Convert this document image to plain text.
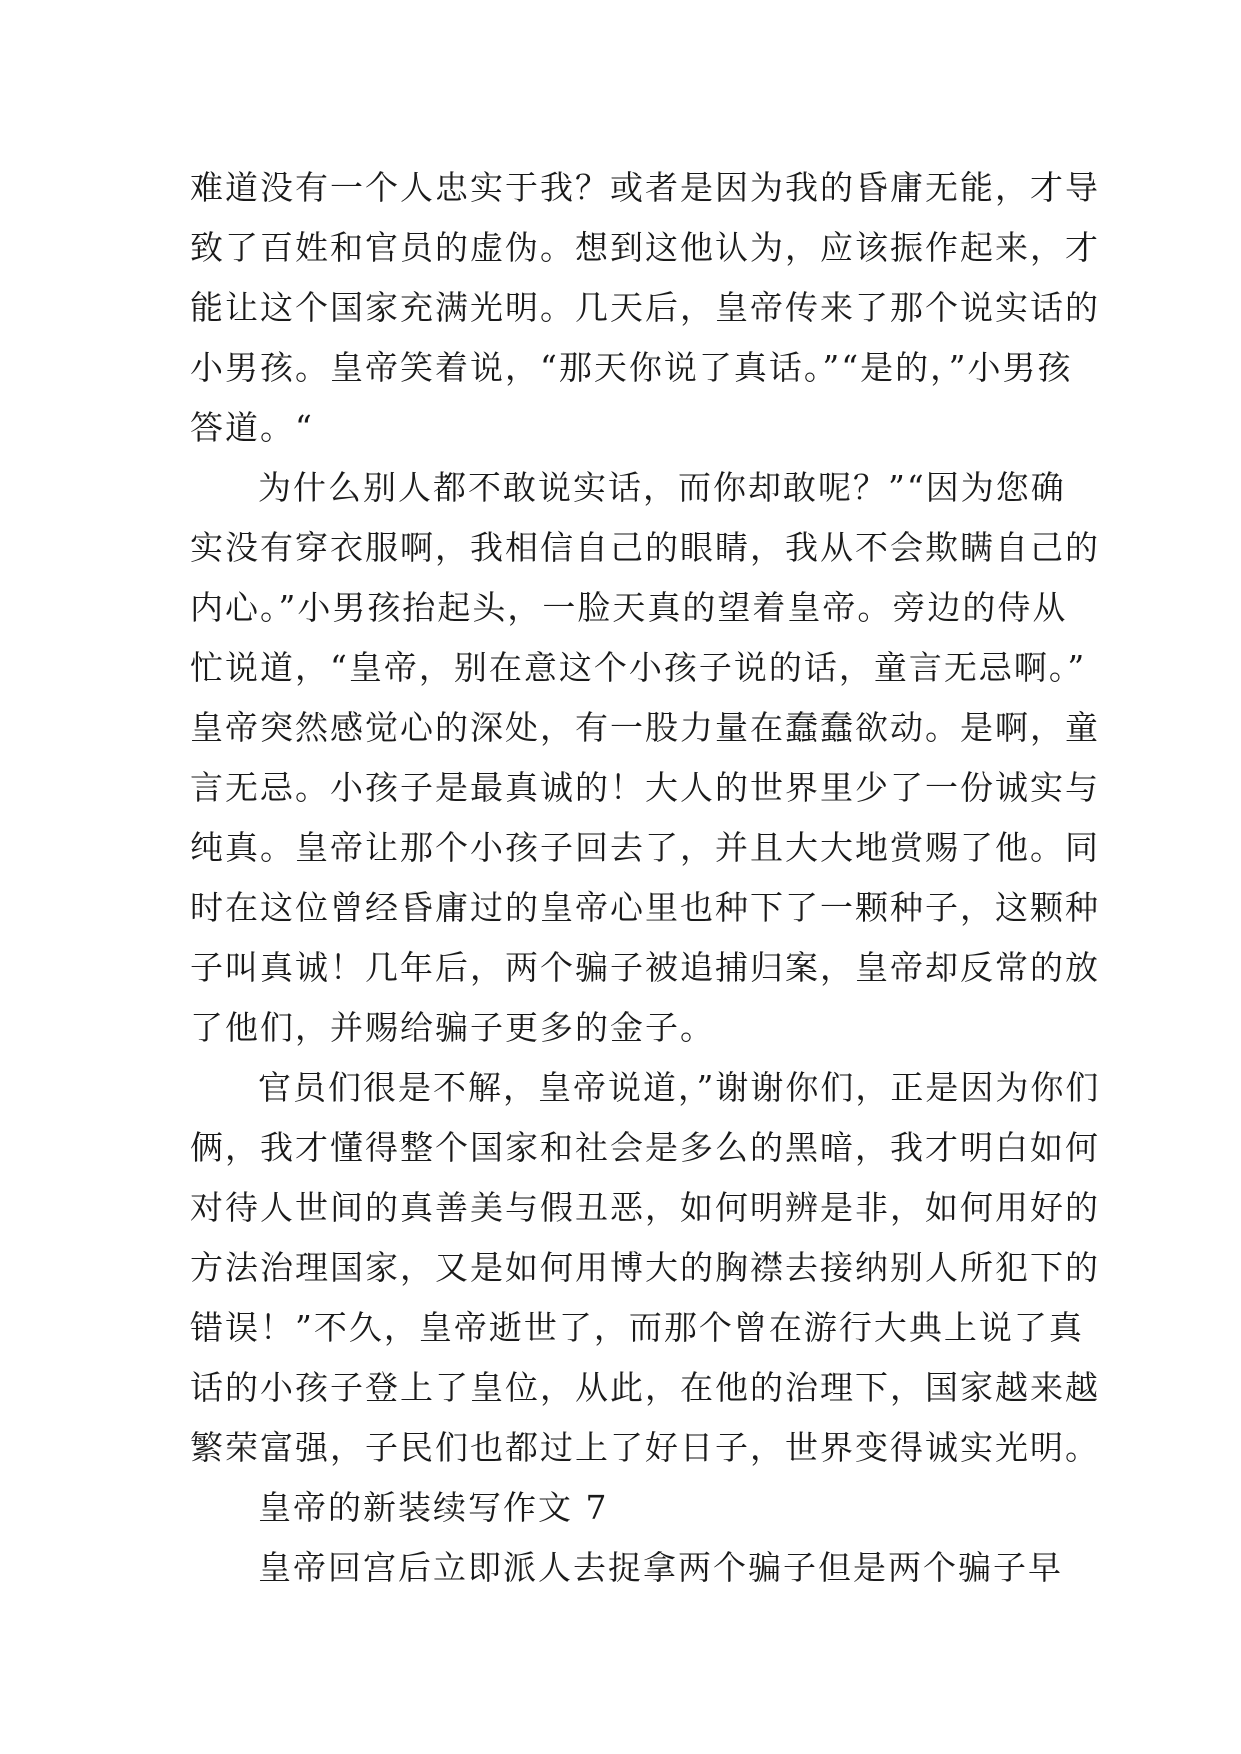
难道没有一个人忠实于我？或者是因为我的昏庸无能，才导
致了百姓和官员的虚伪。想到这他认为，应该振作起来，才
能让这个国家充满光明。几天后，皇帝传来了那个说实话的
小男孩。皇帝笑着说，“那天你说了真话。”“是的，”小男孩
答道。“
为什么别人都不敢说实话，而你却敢呢？”“因为您确
实没有穿衣服啊，我相信自己的眼睛，我从不会欺瞒自己的
内心。”小男孩抬起头，一脸天真的望着皇帝。旁边的侍从
忙说道，“皇帝，别在意这个小孩子说的话，童言无忌啊。”
皇帝突然感觉心的深处，有一股力量在蠢蠢欲动。是啊，童
言无忌。小孩子是最真诚的！大人的世界里少了一份诚实与
纯真。皇帝让那个小孩子回去了，并且大大地赏赐了他。同
时在这位曾经昏庸过的皇帝心里也种下了一颗种子，这颗种
子叫真诚！几年后，两个骗子被追捕归案，皇帝却反常的放
了他们，并赐给骗子更多的金子。
官员们很是不解，皇帝说道，”谢谢你们，正是因为你们
俩，我才懂得整个国家和社会是多么的黑暗，我才明白如何
对待人世间的真善美与假丑恶，如何明辨是非，如何用好的
方法治理国家，又是如何用博大的胸襟去接纳别人所犯下的
错误！”不久，皇帝逝世了，而那个曾在游行大典上说了真
话的小孩子登上了皇位，从此，在他的治理下，国家越来越
繁荣富强，子民们也都过上了好日子，世界变得诚实光明。
皇帝的新装续写作文 7
皇帝回宫后立即派人去捉拿两个骗子但是两个骗子早
